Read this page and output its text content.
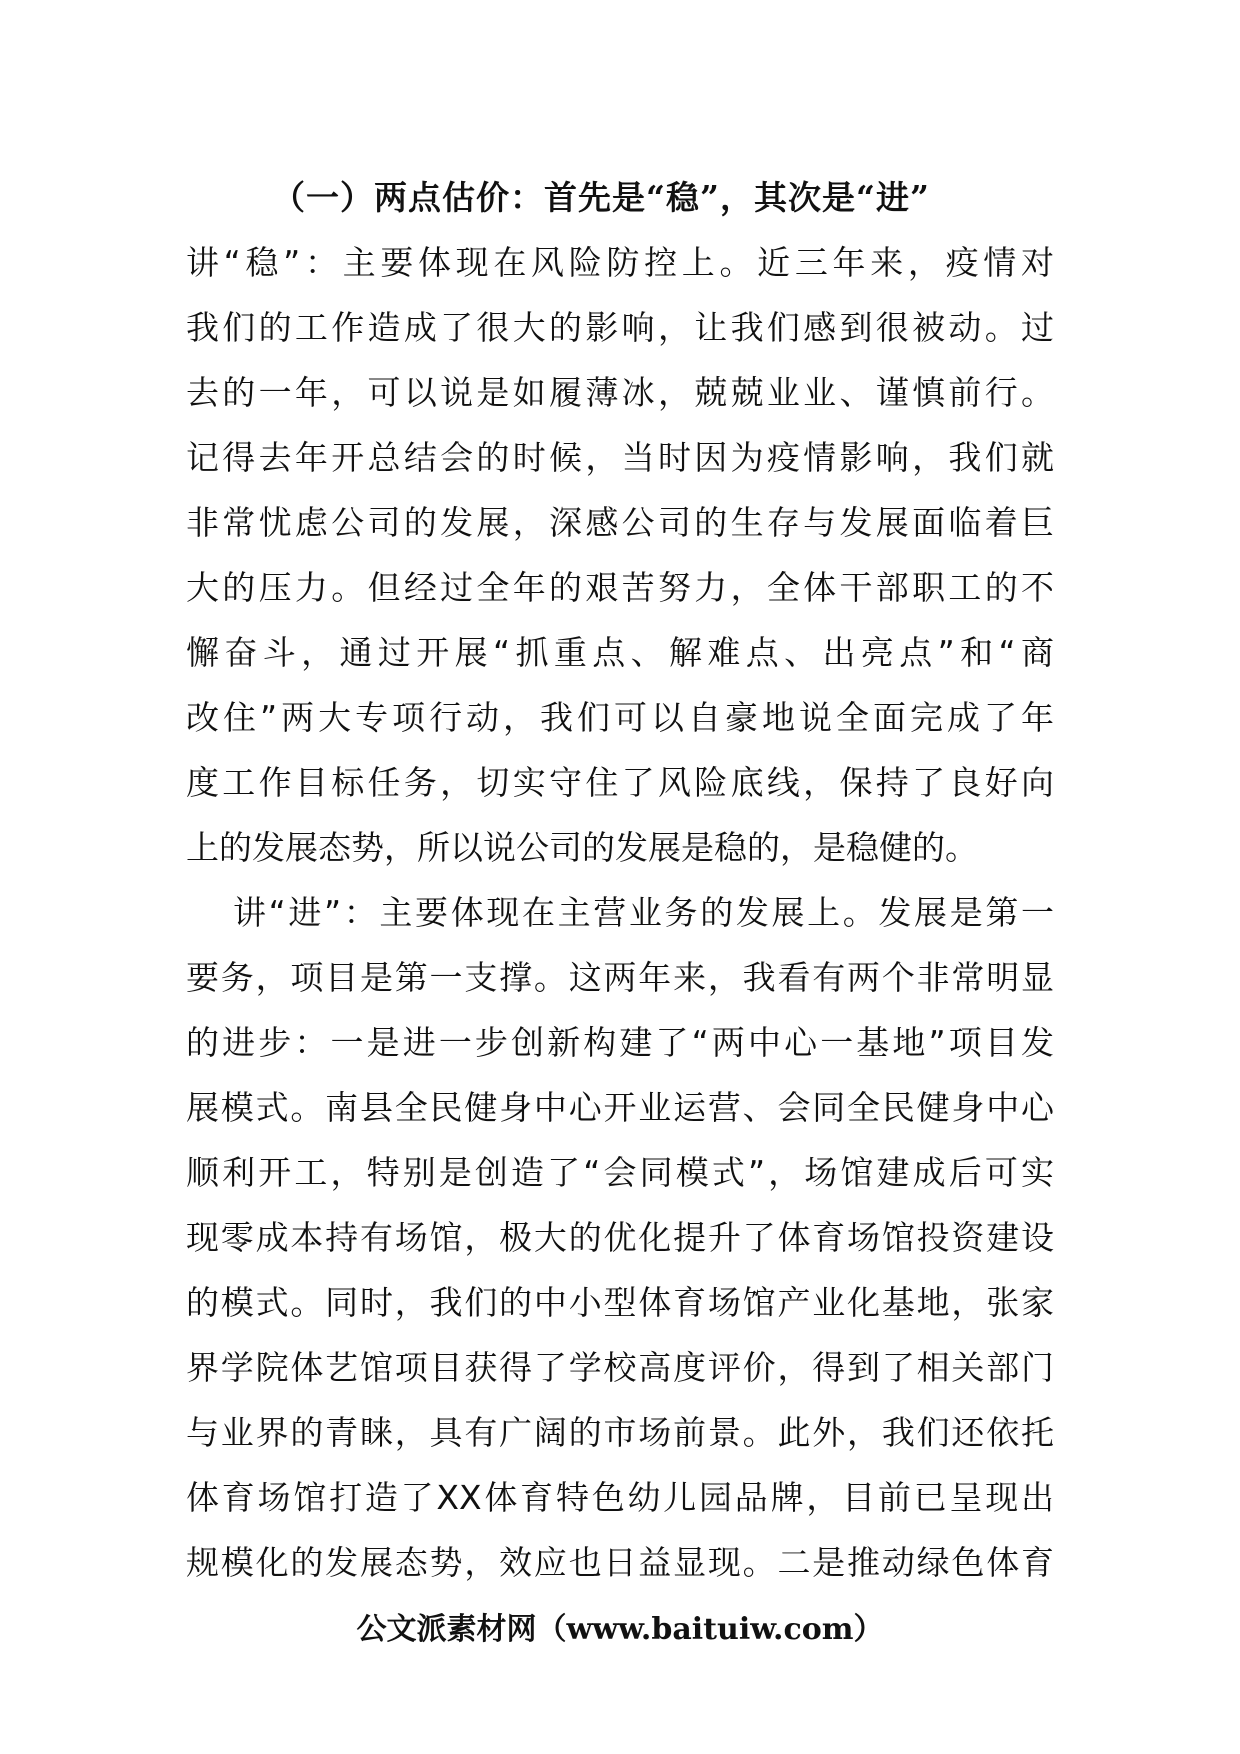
（一）两点估价：首先是“稳”，其次是“进”
讲“稳”：主要体现在风险防控上。近三年来，疫情对
我们的工作造成了很大的影响，让我们感到很被动。过
去的一年，可以说是如履薄冰，兢兢业业、谨慎前行。
记得去年开总结会的时候，当时因为疫情影响，我们就
非常忧虑公司的发展，深感公司的生存与发展面临着巨
大的压力。但经过全年的艰苦努力，全体干部职工的不
懈奋斗，通过开展“抓重点、解难点、出亮点”和“商
改住”两大专项行动，我们可以自豪地说全面完成了年
度工作目标任务，切实守住了风险底线，保持了良好向
上的发展态势，所以说公司的发展是稳的，是稳健的。
讲“进”：主要体现在主营业务的发展上。发展是第一
要务，项目是第一支撑。这两年来，我看有两个非常明显
的进步：一是进一步创新构建了“两中心一基地”项目发
展模式。南县全民健身中心开业运营、会同全民健身中心
顺利开工，特别是创造了“会同模式”，场馆建成后可实
现零成本持有场馆，极大的优化提升了体育场馆投资建设
的模式。同时，我们的中小型体育场馆产业化基地，张家
界学院体艺馆项目获得了学校高度评价，得到了相关部门
与业界的青睐，具有广阔的市场前景。此外，我们还依托
体育场馆打造了XX体育特色幼儿园品牌，目前已呈现出
规模化的发展态势，效应也日益显现。二是推动绿色体育
公文派素材网（www.baituiw.com）
